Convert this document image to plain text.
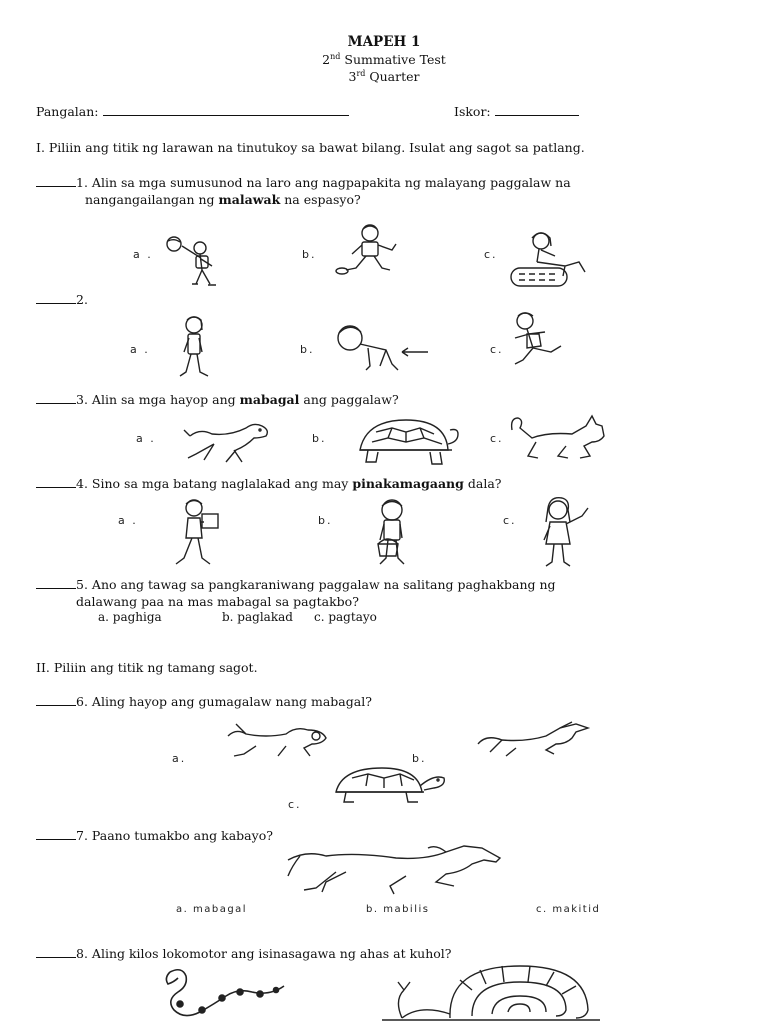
MAPEH 1
2nd Summative Test
3rd Quarter
Pangalan:	Iskor:
I. Piliin ang titik ng larawan na tinutukoy sa bawat bilang. Isulat ang sagot sa patlang.
1. Alin sa mga sumusunod na laro ang nagpapakita ng malayang paggalaw na
nangangailangan ng malawak na espasyo?
a .	b.	c.
2.
a .	b.	c.
3. Alin sa mga hayop ang mabagal ang paggalaw?
a .	b.	c.
4. Sino sa mga batang naglalakad ang may pinakamagaang dala?
a .	b.	c.
5. Ano ang tawag sa pangkaraniwang paggalaw na salitang paghakbang ng
dalawang paa na mas mabagal sa pagtakbo?
a. paghiga	b. paglakad c. pagtayo
II. Piliin ang titik ng tamang sagot.
6. Aling hayop ang gumagalaw nang mabagal?
a.	b.
c.
7. Paano tumakbo ang kabayo?
a. mabagal	b. mabilis	c. makitid
8. Aling kilos lokomotor ang isinasagawa ng ahas at kuhol?
